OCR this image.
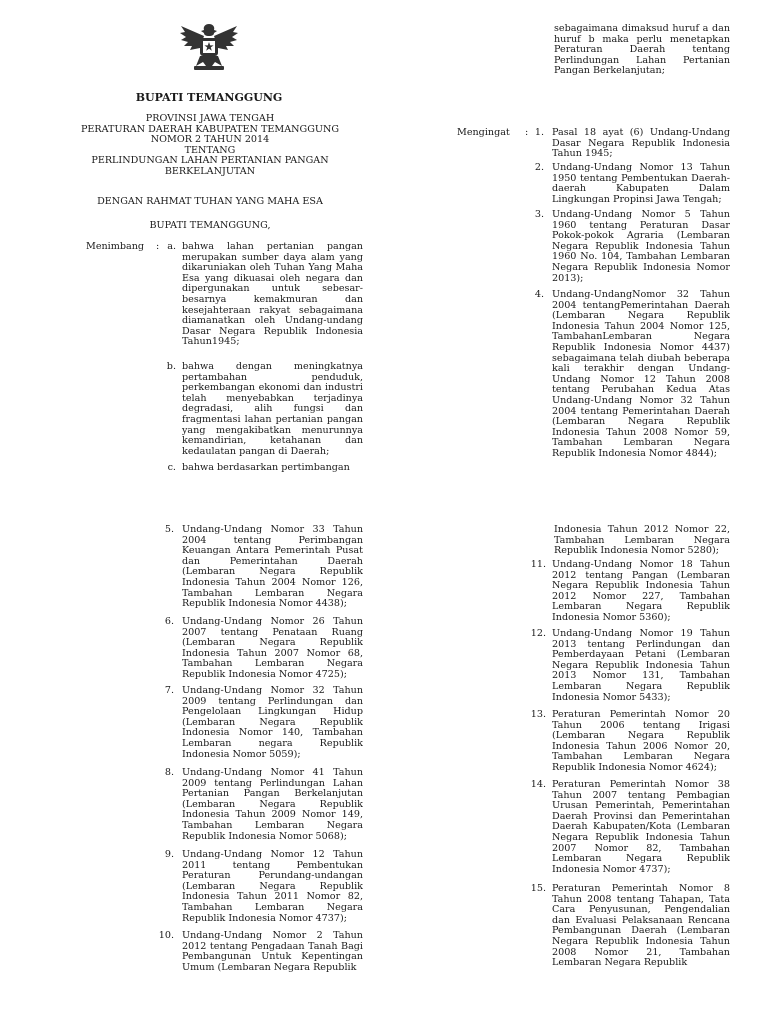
BUPATI TEMANGGUNG
PROVINSI JAWA TENGAH
PERATURAN DAERAH KABUPATEN TEMANGGUNG
NOMOR 2 TAHUN 2014
TENTANG
PERLINDUNGAN LAHAN PERTANIAN PANGAN
BERKELANJUTAN
DENGAN RAHMAT TUHAN YANG MAHA ESA
BUPATI TEMANGGUNG,
Menimbang : a. bahwa lahan pertanian pangan merupakan sumber daya alam yang dikaruniakan oleh Tuhan Yang Maha Esa yang dikuasai oleh negara dan dipergunakan untuk sebesar-besarnya kemakmuran dan kesejahteraan rakyat sebagaimana diamanatkan oleh Undang-undang Dasar Negara Republik Indonesia Tahun1945;
b. bahwa dengan meningkatnya pertambahan penduduk, perkembangan ekonomi dan industri telah menyebabkan terjadinya degradasi, alih fungsi dan fragmentasi lahan pertanian pangan yang mengakibatkan menurunnya kemandirian, ketahanan dan kedaulatan pangan di Daerah;
c. bahwa berdasarkan pertimbangan
sebagaimana dimaksud huruf a dan huruf b maka perlu menetapkan Peraturan Daerah tentang Perlindungan Lahan Pertanian Pangan Berkelanjutan;
Mengingat : 1. Pasal 18 ayat (6) Undang-Undang Dasar Negara Republik Indonesia Tahun 1945;
2. Undang-Undang Nomor 13 Tahun 1950 tentang Pembentukan Daerah-daerah Kabupaten Dalam Lingkungan Propinsi Jawa Tengah;
3. Undang-Undang Nomor 5 Tahun 1960 tentang Peraturan Dasar Pokok-pokok Agraria (Lembaran Negara Republik Indonesia Tahun 1960 No. 104, Tambahan Lembaran Negara Republik Indonesia Nomor 2013);
4. Undang-UndangNomor 32 Tahun 2004 tentangPemerintahan Daerah (Lembaran Negara Republik Indonesia Tahun 2004 Nomor 125, TambahanLembaran Negara Republik Indonesia Nomor 4437) sebagaimana telah diubah beberapa kali terakhir dengan Undang-Undang Nomor 12 Tahun 2008 tentang Perubahan Kedua Atas Undang-Undang Nomor 32 Tahun 2004 tentang Pemerintahan Daerah (Lembaran Negara Republik Indonesia Tahun 2008 Nomor 59, Tambahan Lembaran Negara Republik Indonesia Nomor 4844);
5. Undang-Undang Nomor 33 Tahun 2004 tentang Perimbangan Keuangan Antara Pemerintah Pusat dan Pemerintahan Daerah (Lembaran Negara Republik Indonesia Tahun 2004 Nomor 126, Tambahan Lembaran Negara Republik Indonesia Nomor 4438);
6. Undang-Undang Nomor 26 Tahun 2007 tentang Penataan Ruang (Lembaran Negara Republik Indonesia Tahun 2007 Nomor 68, Tambahan Lembaran Negara Republik Indonesia Nomor 4725);
7. Undang-Undang Nomor 32 Tahun 2009 tentang Perlindungan dan Pengelolaan Lingkungan Hidup (Lembaran Negara Republik Indonesia Nomor 140, Tambahan Lembaran negara Republik Indonesia Nomor 5059);
8. Undang-Undang Nomor 41 Tahun 2009 tentang Perlindungan Lahan Pertanian Pangan Berkelanjutan (Lembaran Negara Republik Indonesia Tahun 2009 Nomor 149, Tambahan Lembaran Negara Republik Indonesia Nomor 5068);
9. Undang-Undang Nomor 12 Tahun 2011 tentang Pembentukan Peraturan Perundang-undangan (Lembaran Negara Republik Indonesia Tahun 2011 Nomor 82, Tambahan Lembaran Negara Republik Indonesia Nomor 4737);
10. Undang-Undang Nomor 2 Tahun 2012 tentang Pengadaan Tanah Bagi Pembangunan Untuk Kepentingan Umum (Lembaran Negara Republik
Indonesia Tahun 2012 Nomor 22, Tambahan Lembaran Negara Republik Indonesia Nomor 5280);
11. Undang-Undang Nomor 18 Tahun 2012 tentang Pangan (Lembaran Negara Republik Indonesia Tahun 2012 Nomor 227, Tambahan Lembaran Negara Republik Indonesia Nomor 5360);
12. Undang-Undang Nomor 19 Tahun 2013 tentang Perlindungan dan Pemberdayaan Petani (Lembaran Negara Republik Indonesia Tahun 2013 Nomor 131, Tambahan Lembaran Negara Republik Indonesia Nomor 5433);
13. Peraturan Pemerintah Nomor 20 Tahun 2006 tentang Irigasi (Lembaran Negara Republik Indonesia Tahun 2006 Nomor 20, Tambahan Lembaran Negara Republik Indonesia Nomor 4624);
14. Peraturan Pemerintah Nomor 38 Tahun 2007 tentang Pembagian Urusan Pemerintah, Pemerintahan Daerah Provinsi dan Pemerintahan Daerah Kabupaten/Kota (Lembaran Negara Republik Indonesia Tahun 2007 Nomor 82, Tambahan Lembaran Negara Republik Indonesia Nomor 4737);
15. Peraturan Pemerintah Nomor 8 Tahun 2008 tentang Tahapan, Tata Cara Penyusunan, Pengendalian dan Evaluasi Pelaksanaan Rencana Pembangunan Daerah (Lembaran Negara Republik Indonesia Tahun 2008 Nomor 21, Tambahan Lembaran Negara Republik
